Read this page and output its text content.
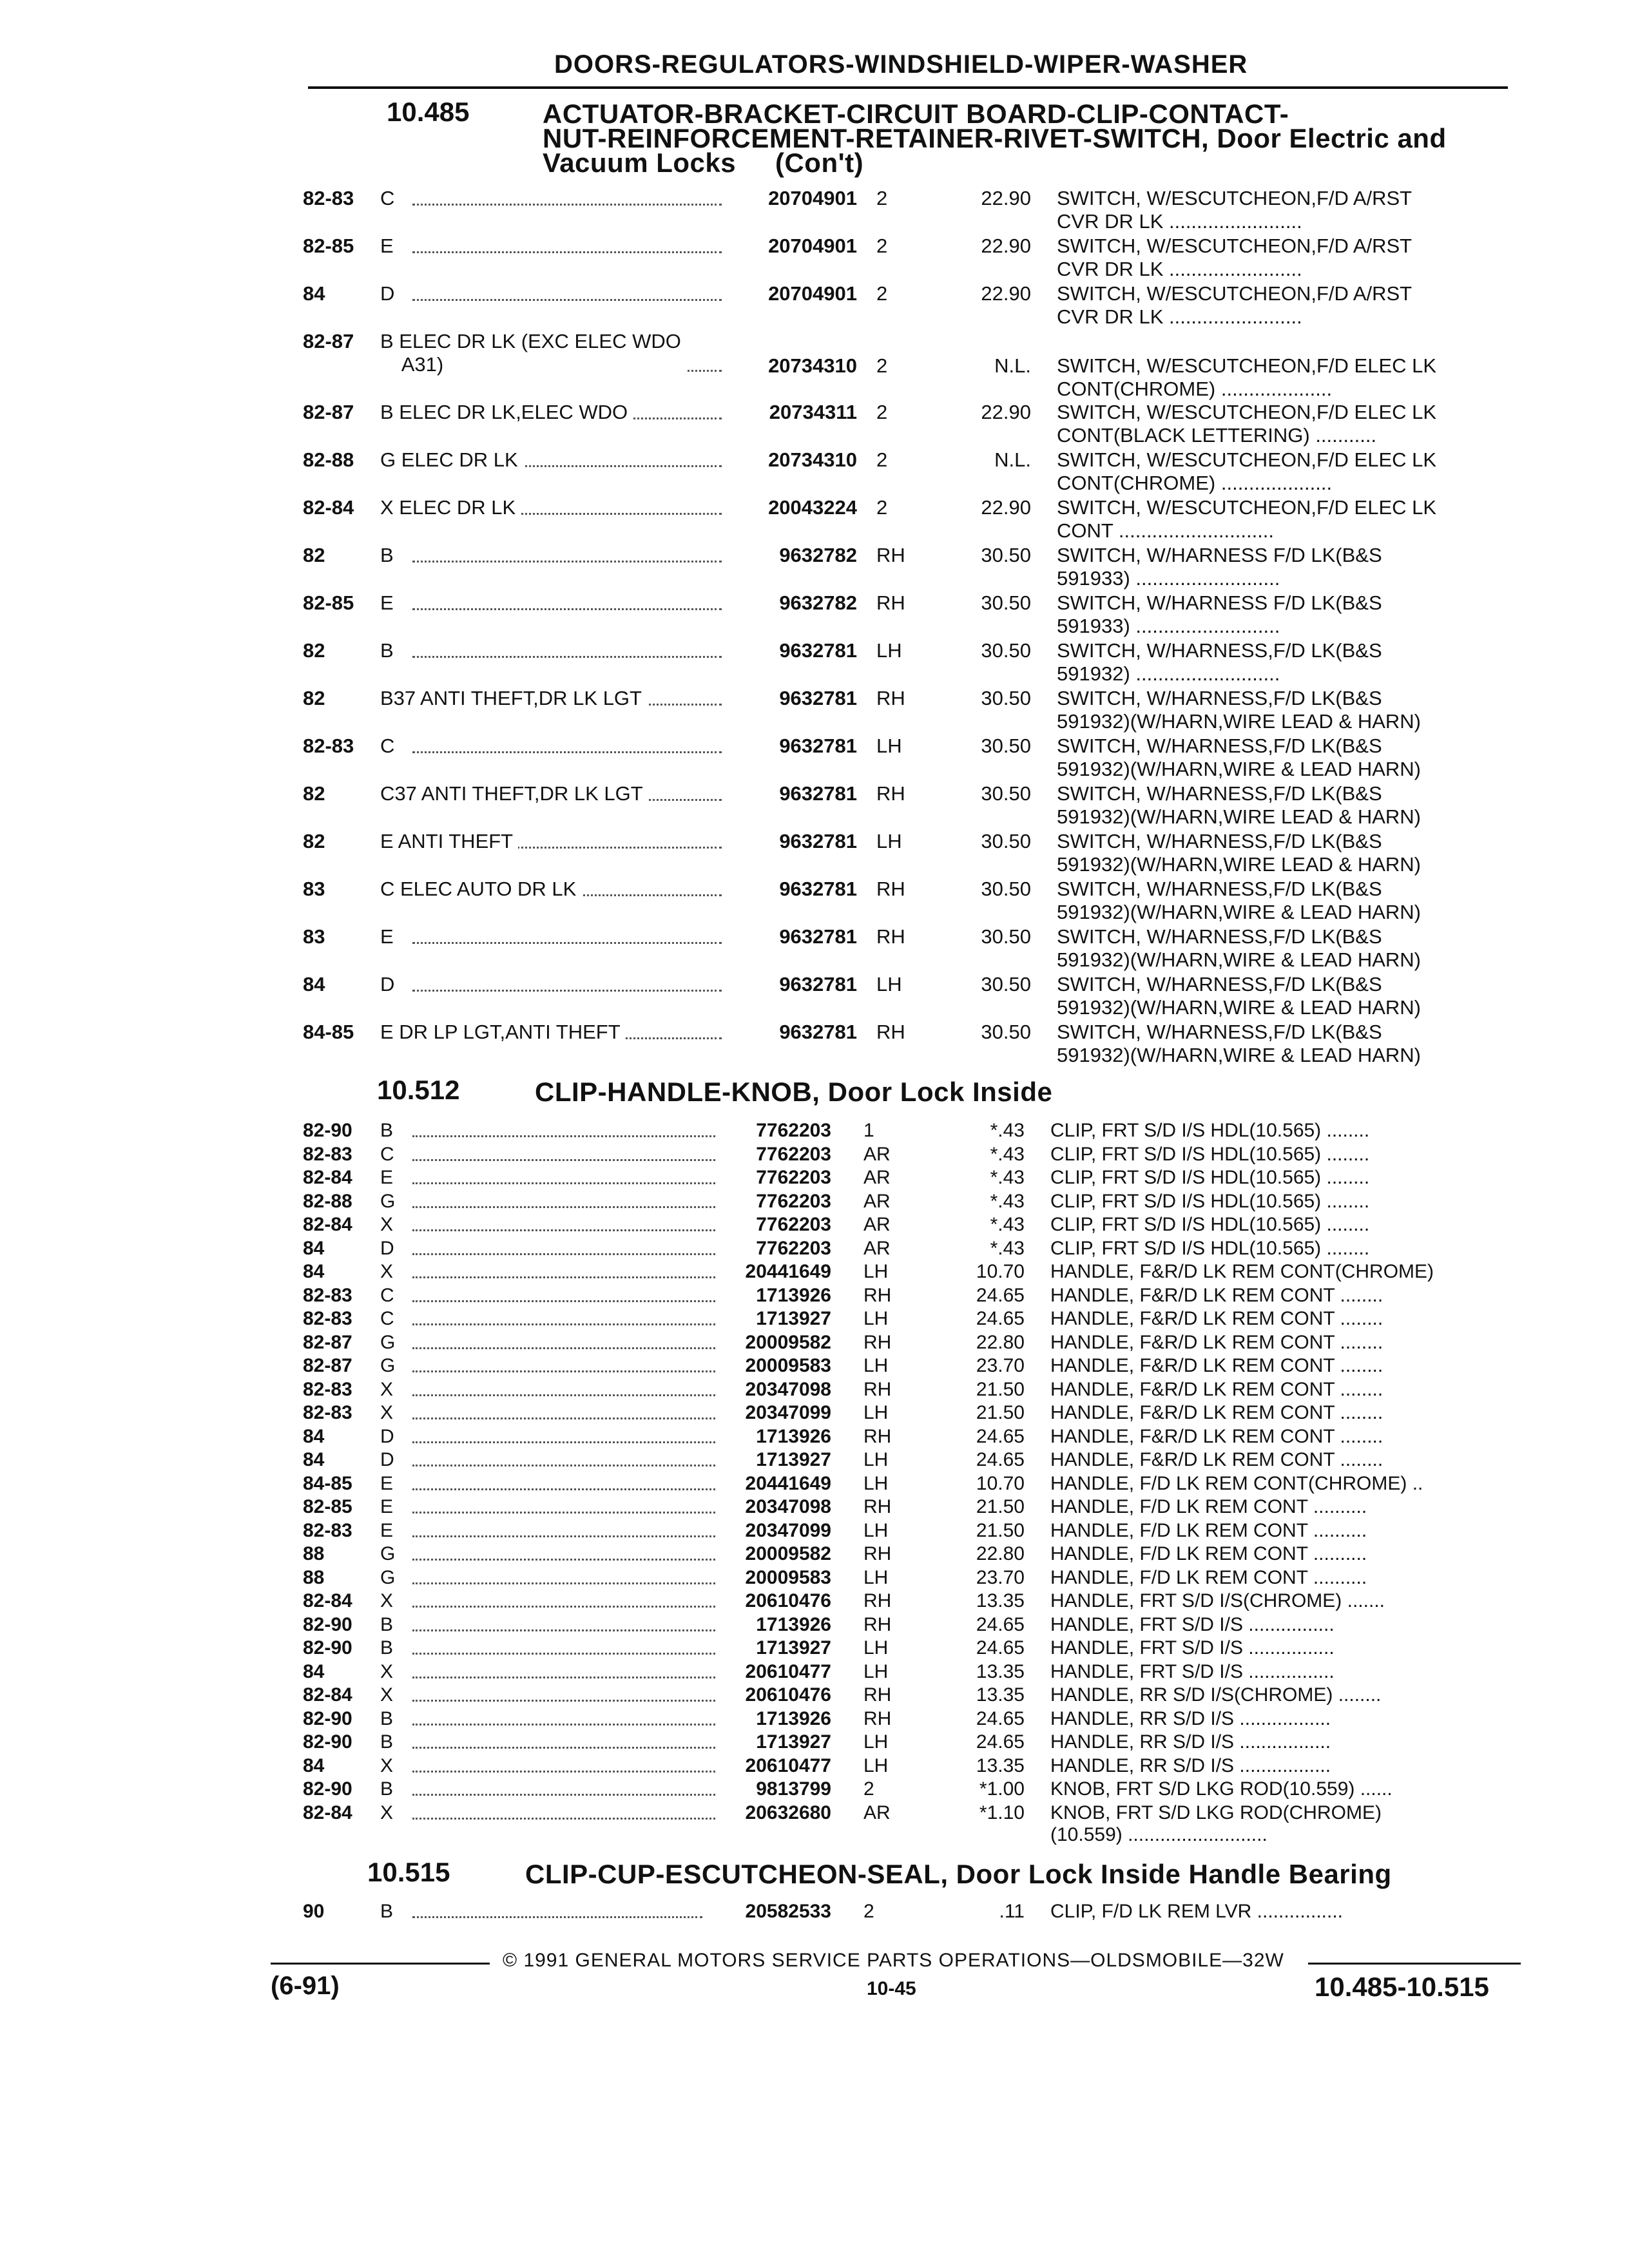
DOORS-REGULATORS-WINDSHIELD-WIPER-WASHER
10.485	ACTUATOR-BRACKET-CIRCUIT BOARD-CLIP-CONTACT-
NUT-REINFORCEMENT-RETAINER-RIVET-SWITCH, Door Electric and
Vacuum Locks     (Con't)
82-83 C	20704901 2	22.90 SWITCH, W/ESCUTCHEON,F/D A/RST
CVR DR LK ........................
82-85 E	20704901 2	22.90 SWITCH, W/ESCUTCHEON,F/D A/RST
CVR DR LK ........................
84	D	20704901 2	22.90 SWITCH, W/ESCUTCHEON,F/D A/RST
CVR DR LK ........................
82-87 B ELEC DR LK (EXC ELEC WDO
A31)	20734310 2	N.L. SWITCH, W/ESCUTCHEON,F/D ELEC LK
CONT(CHROME) ....................
82-87 B ELEC DR LK,ELEC WDO	20734311 2	22.90 SWITCH, W/ESCUTCHEON,F/D ELEC LK
CONT(BLACK LETTERING) ...........
82-88 G ELEC DR LK	20734310 2	N.L. SWITCH, W/ESCUTCHEON,F/D ELEC LK
CONT(CHROME) ....................
82-84 X ELEC DR LK	20043224 2	22.90 SWITCH, W/ESCUTCHEON,F/D ELEC LK
CONT ............................
82	B	9632782 RH	30.50 SWITCH, W/HARNESS F/D LK(B&S
591933) ..........................
82-85 E	9632782 RH	30.50 SWITCH, W/HARNESS F/D LK(B&S
591933) ..........................
82	B	9632781 LH	30.50 SWITCH, W/HARNESS,F/D LK(B&S
591932) ..........................
82	B37 ANTI THEFT,DR LK LGT	9632781 RH	30.50 SWITCH, W/HARNESS,F/D LK(B&S
591932)(W/HARN,WIRE LEAD & HARN)
82-83 C	9632781 LH	30.50 SWITCH, W/HARNESS,F/D LK(B&S
591932)(W/HARN,WIRE & LEAD HARN)
82	C37 ANTI THEFT,DR LK LGT	9632781 RH	30.50 SWITCH, W/HARNESS,F/D LK(B&S
591932)(W/HARN,WIRE LEAD & HARN)
82	E ANTI THEFT	9632781 LH	30.50 SWITCH, W/HARNESS,F/D LK(B&S
591932)(W/HARN,WIRE LEAD & HARN)
83	C ELEC AUTO DR LK	9632781 RH	30.50 SWITCH, W/HARNESS,F/D LK(B&S
591932)(W/HARN,WIRE & LEAD HARN)
83	E	9632781 RH	30.50 SWITCH, W/HARNESS,F/D LK(B&S
591932)(W/HARN,WIRE & LEAD HARN)
84	D	9632781 LH	30.50 SWITCH, W/HARNESS,F/D LK(B&S
591932)(W/HARN,WIRE & LEAD HARN)
84-85 E DR LP LGT,ANTI THEFT	9632781 RH	30.50 SWITCH, W/HARNESS,F/D LK(B&S
591932)(W/HARN,WIRE & LEAD HARN)
10.512	CLIP-HANDLE-KNOB, Door Lock Inside
82-90 B	7762203 1	*.43 CLIP, FRT S/D I/S HDL(10.565) ........
82-83 C	7762203 AR	*.43 CLIP, FRT S/D I/S HDL(10.565) ........
82-84 E	7762203 AR	*.43 CLIP, FRT S/D I/S HDL(10.565) ........
82-88 G	7762203 AR	*.43 CLIP, FRT S/D I/S HDL(10.565) ........
82-84 X	7762203 AR	*.43 CLIP, FRT S/D I/S HDL(10.565) ........
84	D	7762203 AR	*.43 CLIP, FRT S/D I/S HDL(10.565) ........
84	X	20441649 LH	10.70 HANDLE, F&R/D LK REM CONT(CHROME)
82-83 C	1713926 RH	24.65 HANDLE, F&R/D LK REM CONT ........
82-83 C	1713927 LH	24.65 HANDLE, F&R/D LK REM CONT ........
82-87 G	20009582 RH	22.80 HANDLE, F&R/D LK REM CONT ........
82-87 G	20009583 LH	23.70 HANDLE, F&R/D LK REM CONT ........
82-83 X	20347098 RH	21.50 HANDLE, F&R/D LK REM CONT ........
82-83 X	20347099 LH	21.50 HANDLE, F&R/D LK REM CONT ........
84	D	1713926 RH	24.65 HANDLE, F&R/D LK REM CONT ........
84	D	1713927 LH	24.65 HANDLE, F&R/D LK REM CONT ........
84-85 E	20441649 LH	10.70 HANDLE, F/D LK REM CONT(CHROME) ..
82-85 E	20347098 RH	21.50 HANDLE, F/D LK REM CONT ..........
82-83 E	20347099 LH	21.50 HANDLE, F/D LK REM CONT ..........
88	G	20009582 RH	22.80 HANDLE, F/D LK REM CONT ..........
88	G	20009583 LH	23.70 HANDLE, F/D LK REM CONT ..........
82-84 X	20610476 RH	13.35 HANDLE, FRT S/D I/S(CHROME) .......
82-90 B	1713926 RH	24.65 HANDLE, FRT S/D I/S ................
82-90 B	1713927 LH	24.65 HANDLE, FRT S/D I/S ................
84	X	20610477 LH	13.35 HANDLE, FRT S/D I/S ................
82-84 X	20610476 RH	13.35 HANDLE, RR S/D I/S(CHROME) ........
82-90 B	1713926 RH	24.65 HANDLE, RR S/D I/S .................
82-90 B	1713927 LH	24.65 HANDLE, RR S/D I/S .................
84	X	20610477 LH	13.35 HANDLE, RR S/D I/S .................
82-90 B	9813799 2	*1.00 KNOB, FRT S/D LKG ROD(10.559) ......
82-84 X	20632680 AR	*1.10 KNOB, FRT S/D LKG ROD(CHROME)
(10.559) ..........................
10.515	CLIP-CUP-ESCUTCHEON-SEAL, Door Lock Inside Handle Bearing
90	B	20582533 2	.11 CLIP, F/D LK REM LVR ................
© 1991 GENERAL MOTORS SERVICE PARTS OPERATIONS—OLDSMOBILE—32W
(6-91)	10-45	10.485-10.515
